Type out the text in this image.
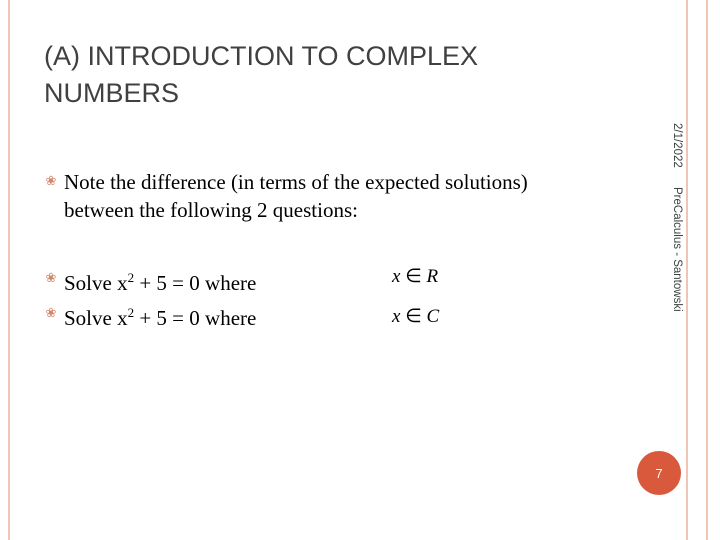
(A) INTRODUCTION TO COMPLEX NUMBERS
2/1/2022
PreCalculus - Santowski
❀ Note the difference (in terms of the expected solutions)
between the following 2 questions:
❀ Solve $x^2 + 5 = 0$ where	x ∈ R
❀ Solve $x^2 + 5 = 0$ where	x ∈ C
7
